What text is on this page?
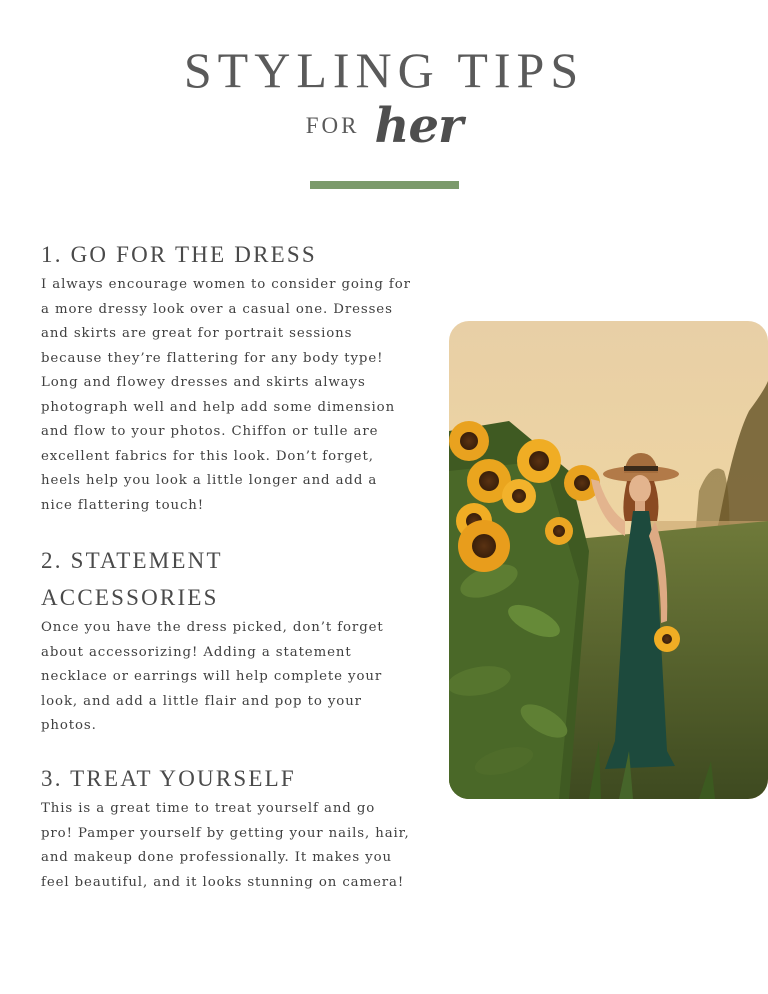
STYLING TIPS
FOR her
1. GO FOR THE DRESS

I always encourage women to consider going for a more dressy look over a casual one. Dresses and skirts are great for portrait sessions because they’re flattering for any body type! Long and flowey dresses and skirts always photograph well and help add some dimension and flow to your photos. Chiffon or tulle are excellent fabrics for this look. Don’t forget, heels help you look a little longer and add a nice flattering touch!

2. STATEMENT ACCESSORIES

Once you have the dress picked, don’t forget about accessorizing! Adding a statement necklace or earrings will help complete your look, and add a little flair and pop to your photos.

3. TREAT YOURSELF

This is a great time to treat yourself and go pro! Pamper yourself by getting your nails, hair, and makeup done professionally. It makes you feel beautiful, and it looks stunning on camera!
